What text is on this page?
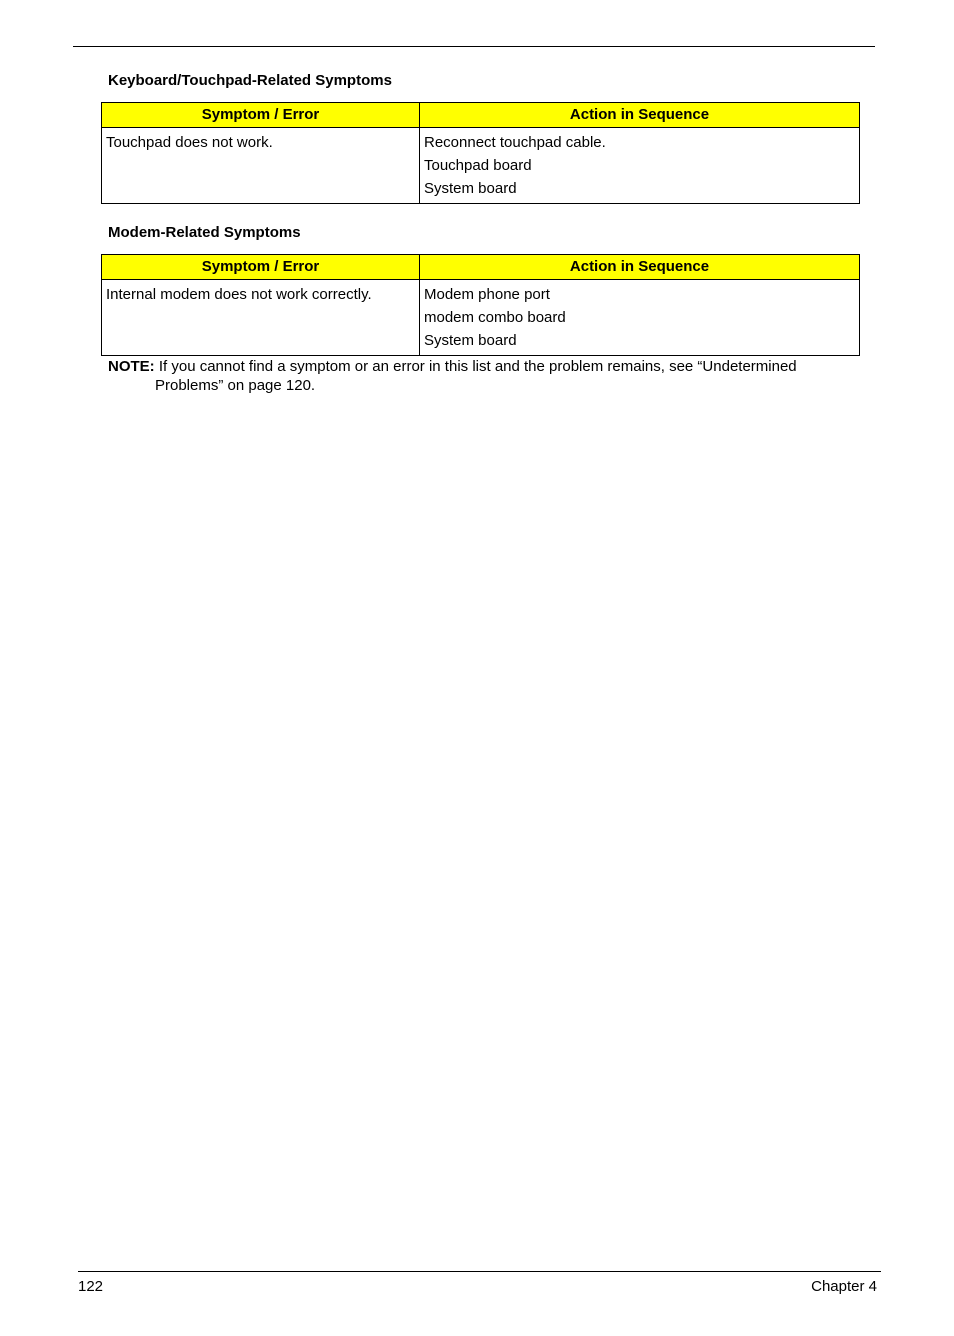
Keyboard/Touchpad-Related Symptoms
Symptom / Error	Action in Sequence

Touchpad does not work.	Reconnect touchpad cable.
Touchpad board
System board
Modem-Related Symptoms
Symptom / Error	Action in Sequence

Internal modem does not work correctly.	Modem phone port
modem combo board
System board
NOTE: If you cannot find a symptom or an error in this list and the problem remains, see “Undetermined
Problems” on page 120.
122	Chapter 4
